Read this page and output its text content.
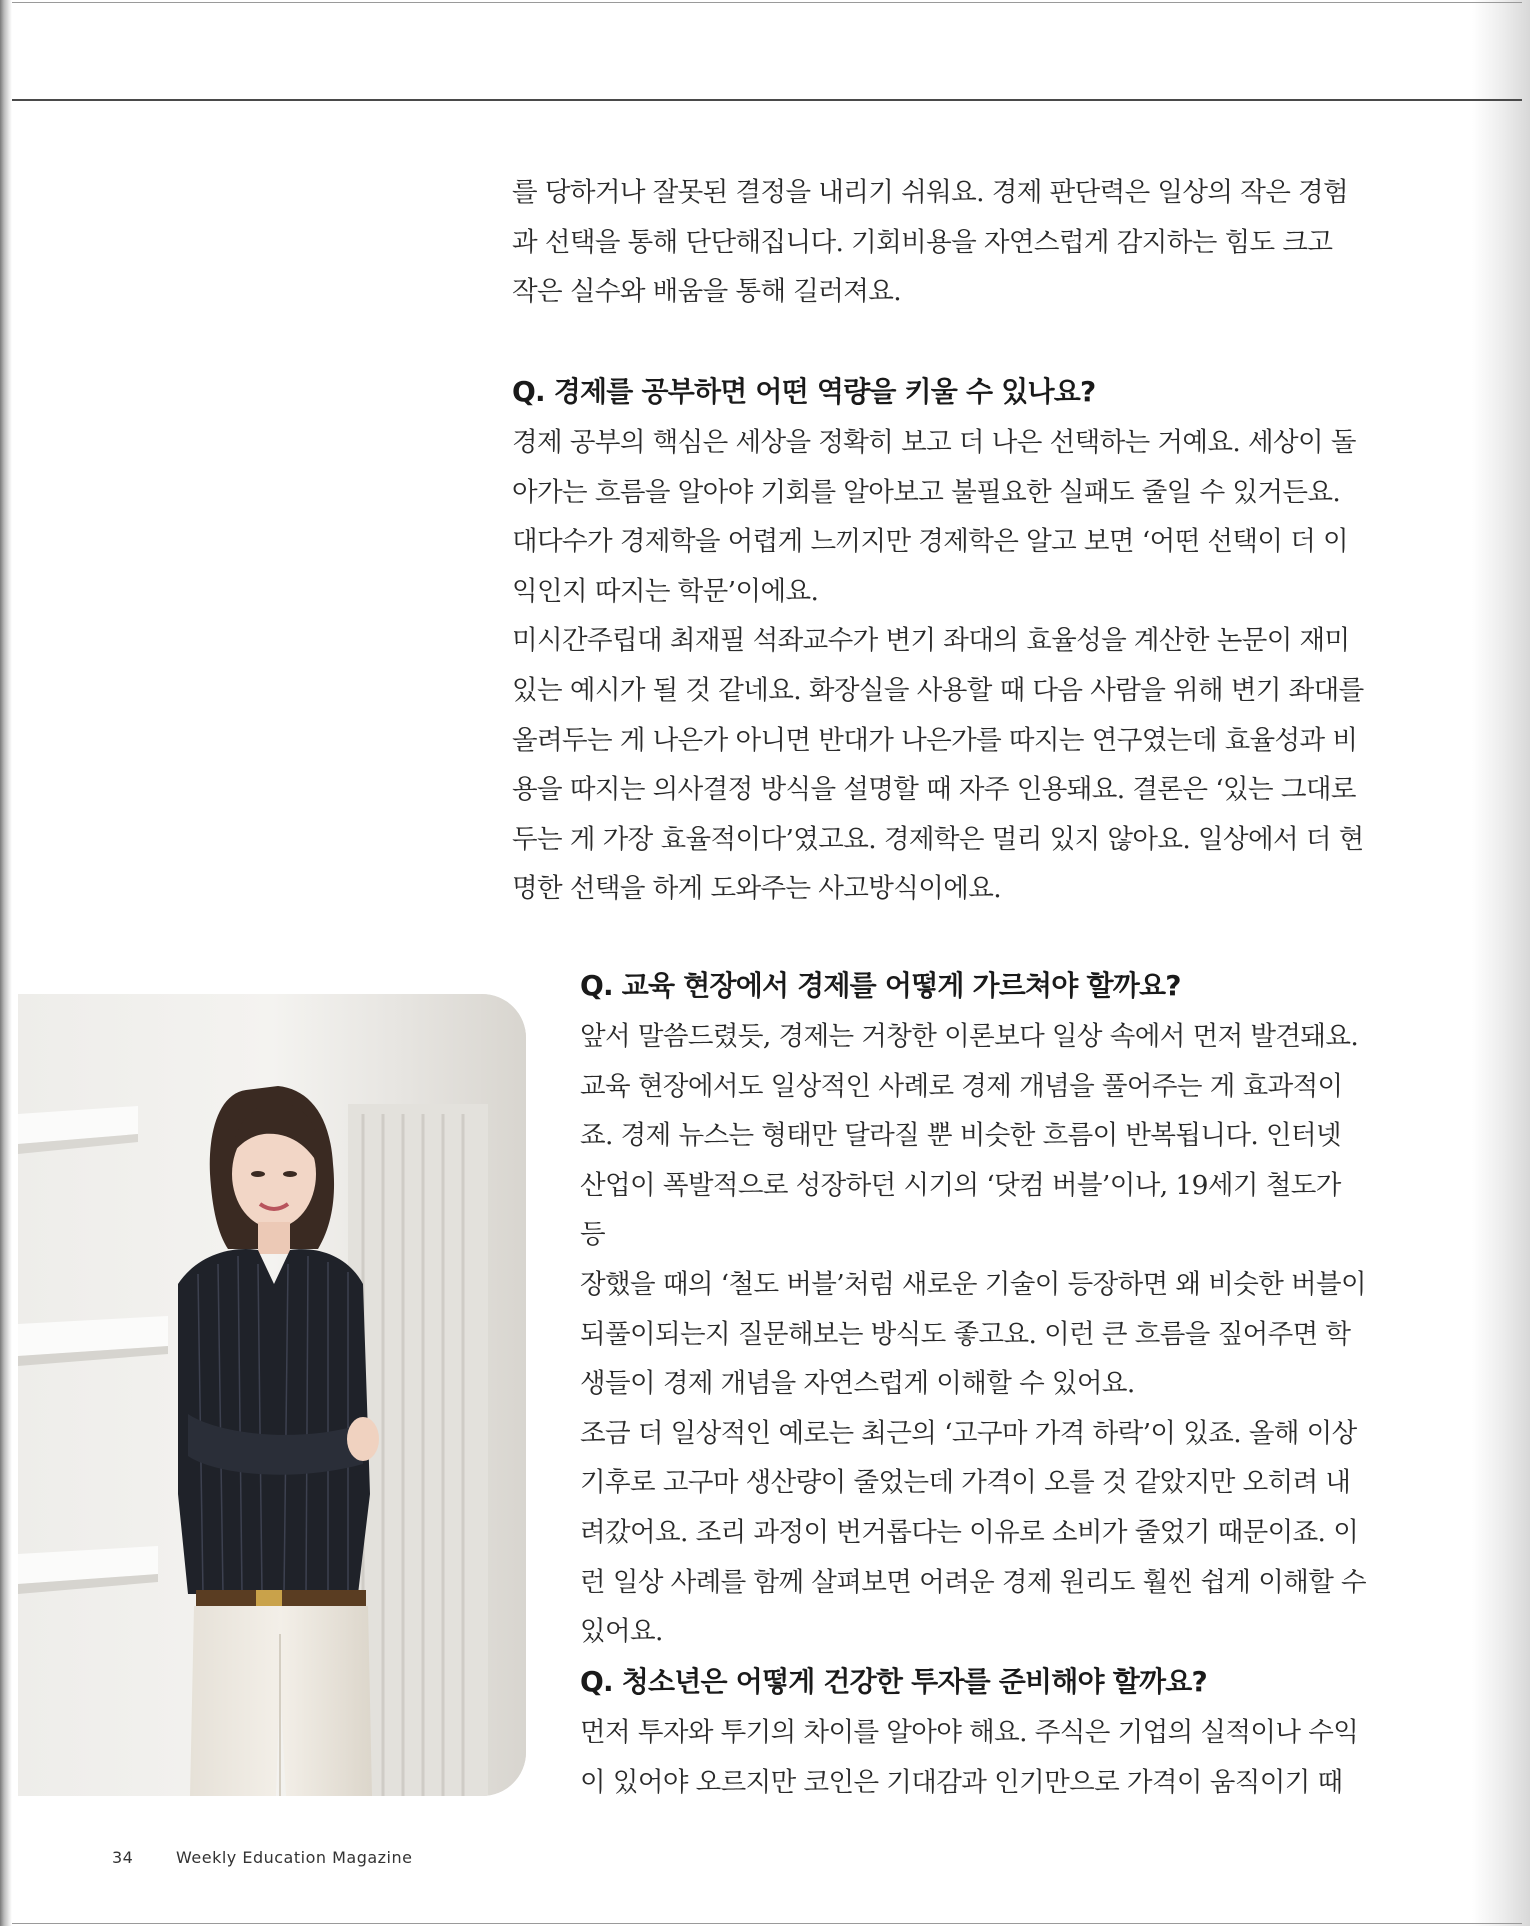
를 당하거나 잘못된 결정을 내리기 쉬워요. 경제 판단력은 일상의 작은 경험

과 선택을 통해 단단해집니다. 기회비용을 자연스럽게 감지하는 힘도 크고

작은 실수와 배움을 통해 길러져요.

Q. 경제를 공부하면 어떤 역량을 키울 수 있나요?

경제 공부의 핵심은 세상을 정확히 보고 더 나은 선택하는 거예요. 세상이 돌

아가는 흐름을 알아야 기회를 알아보고 불필요한 실패도 줄일 수 있거든요.

대다수가 경제학을 어렵게 느끼지만 경제학은 알고 보면 ‘어떤 선택이 더 이

익인지 따지는 학문’이에요.

미시간주립대 최재필 석좌교수가 변기 좌대의 효율성을 계산한 논문이 재미

있는 예시가 될 것 같네요. 화장실을 사용할 때 다음 사람을 위해 변기 좌대를

올려두는 게 나은가 아니면 반대가 나은가를 따지는 연구였는데 효율성과 비

용을 따지는 의사결정 방식을 설명할 때 자주 인용돼요. 결론은 ‘있는 그대로

두는 게 가장 효율적이다’였고요. 경제학은 멀리 있지 않아요. 일상에서 더 현

명한 선택을 하게 도와주는 사고방식이에요.

Q. 교육 현장에서 경제를 어떻게 가르쳐야 할까요?

앞서 말씀드렸듯, 경제는 거창한 이론보다 일상 속에서 먼저 발견돼요.

교육 현장에서도 일상적인 사례로 경제 개념을 풀어주는 게 효과적이

죠. 경제 뉴스는 형태만 달라질 뿐 비슷한 흐름이 반복됩니다. 인터넷

산업이 폭발적으로 성장하던 시기의 ‘닷컴 버블’이나, 19세기 철도가 등

장했을 때의 ‘철도 버블’처럼 새로운 기술이 등장하면 왜 비슷한 버블이

되풀이되는지 질문해보는 방식도 좋고요. 이런 큰 흐름을 짚어주면 학

생들이 경제 개념을 자연스럽게 이해할 수 있어요.

조금 더 일상적인 예로는 최근의 ‘고구마 가격 하락’이 있죠. 올해 이상

기후로 고구마 생산량이 줄었는데 가격이 오를 것 같았지만 오히려 내

려갔어요. 조리 과정이 번거롭다는 이유로 소비가 줄었기 때문이죠. 이

런 일상 사례를 함께 살펴보면 어려운 경제 원리도 훨씬 쉽게 이해할 수

있어요.

Q. 청소년은 어떻게 건강한 투자를 준비해야 할까요?

먼저 투자와 투기의 차이를 알아야 해요. 주식은 기업의 실적이나 수익

이 있어야 오르지만 코인은 기대감과 인기만으로 가격이 움직이기 때

34	Weekly Education Magazine
